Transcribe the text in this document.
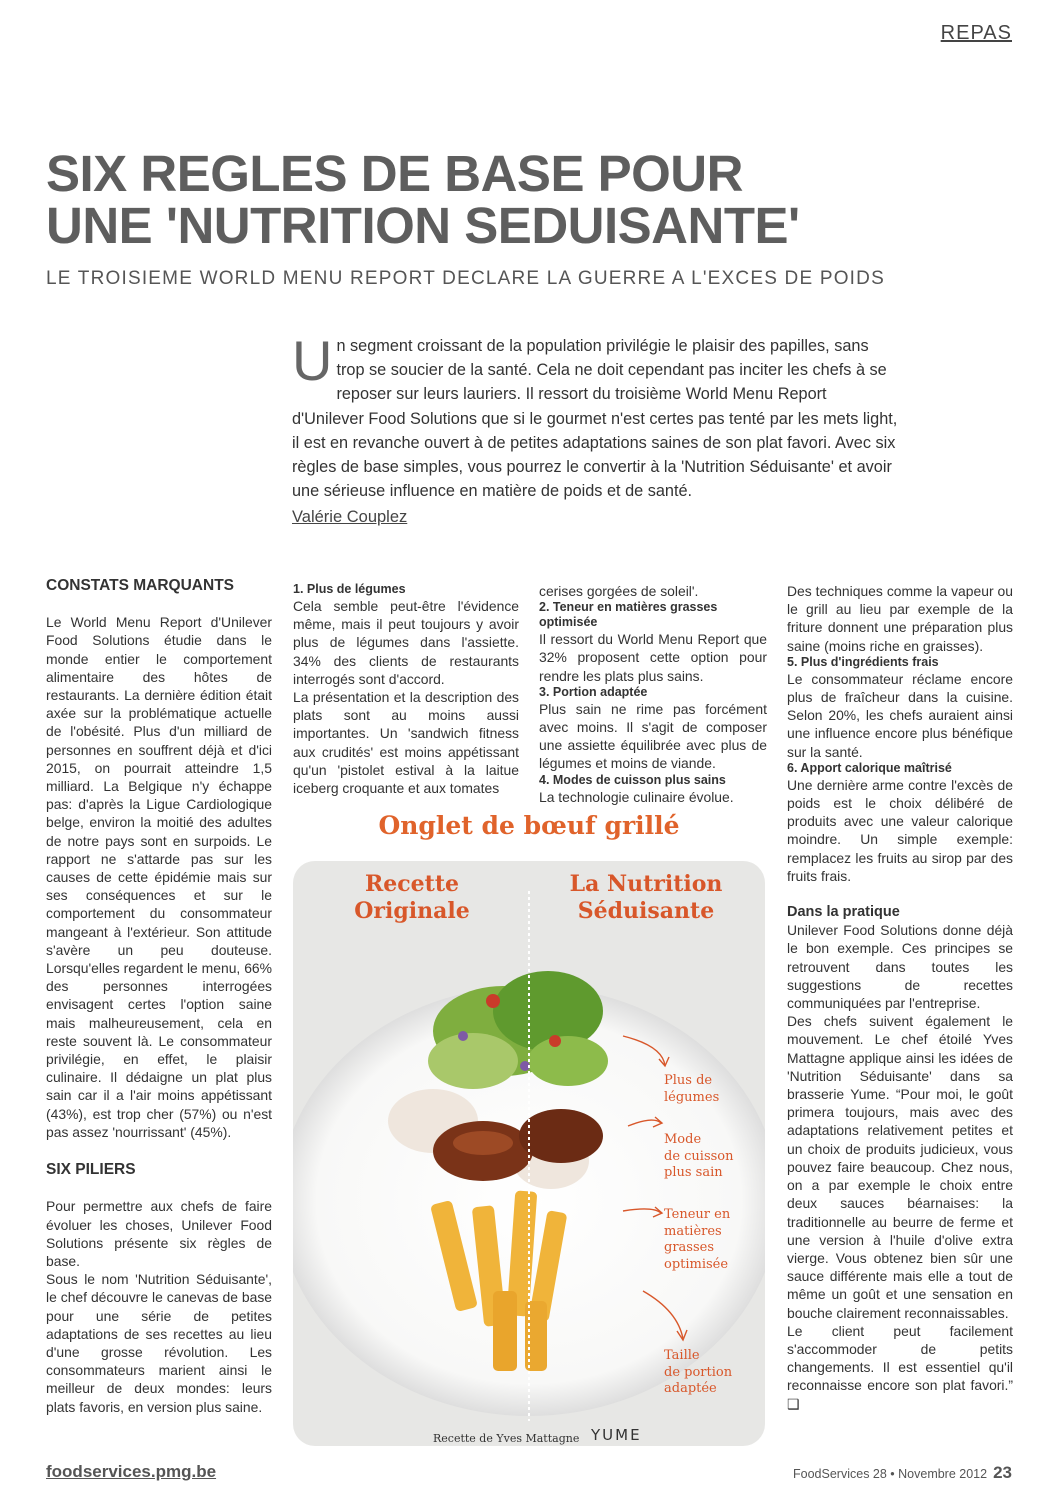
REPAS
SIX REGLES DE BASE POUR
UNE 'NUTRITION SEDUISANTE'
LE TROISIEME WORLD MENU REPORT DECLARE LA GUERRE A L'EXCES DE POIDS

Un segment croissant de la population privilégie le plaisir des papilles, sans trop se soucier de la santé. Cela ne doit cependant pas inciter les chefs à se reposer sur leurs lauriers. Il ressort du troisième World Menu Report d'Unilever Food Solutions que si le gourmet n'est certes pas tenté par les mets light, il est en revanche ouvert à de petites adaptations saines de son plat favori. Avec six règles de base simples, vous pourrez le convertir à la 'Nutrition Séduisante' et avoir une sérieuse influence en matière de poids et de santé.

Valérie Couplez

CONSTATS MARQUANTS

Le World Menu Report d'Unilever Food Solutions étudie dans le monde entier le comportement alimentaire des hôtes de restaurants. La dernière édition était axée sur la problématique actuelle de l'obésité. Plus d'un milliard de personnes en souffrent déjà et d'ici 2015, on pourrait atteindre 1,5 milliard. La Belgique n'y échappe pas: d'après la Ligue Cardiologique belge, environ la moitié des adultes de notre pays sont en surpoids. Le rapport ne s'attarde pas sur les causes de cette épidémie mais sur ses conséquences et sur le comportement du consommateur mangeant à l'extérieur. Son attitude s'avère un peu douteuse. Lorsqu'elles regardent le menu, 66% des personnes interrogées envisagent certes l'option saine mais malheureusement, cela en reste souvent là. Le consommateur privilégie, en effet, le plaisir culinaire. Il dédaigne un plat plus sain car il a l'air moins appétissant (43%), est trop cher (57%) ou n'est pas assez 'nourrissant' (45%).

SIX PILIERS

Pour permettre aux chefs de faire évoluer les choses, Unilever Food Solutions présente six règles de base.

Sous le nom 'Nutrition Séduisante', le chef découvre le canevas de base pour une série de petites adaptations de ses recettes au lieu d'une grosse révolution. Les consommateurs marient ainsi le meilleur de deux mondes: leurs plats favoris, en version plus saine.

1. Plus de légumes

Cela semble peut-être l'évidence même, mais il peut toujours y avoir plus de légumes dans l'assiette. 34% des clients de restaurants interrogés sont d'accord.

La présentation et la description des plats sont au moins aussi importantes. Un 'sandwich fitness aux crudités' est moins appétissant qu'un 'pistolet estival à la laitue iceberg croquante et aux tomates

cerises gorgées de soleil'.

2. Teneur en matières grasses optimisée

Il ressort du World Menu Report que 32% proposent cette option pour rendre les plats plus sains.

3. Portion adaptée

Plus sain ne rime pas forcément avec moins. Il s'agit de composer une assiette équilibrée avec plus de légumes et moins de viande.

4. Modes de cuisson plus sains

La technologie culinaire évolue.

Des techniques comme la vapeur ou le grill au lieu par exemple de la friture donnent une préparation plus saine (moins riche en graisses).

5. Plus d'ingrédients frais

Le consommateur réclame encore plus de fraîcheur dans la cuisine. Selon 20%, les chefs auraient ainsi une influence encore plus bénéfique sur la santé.

6. Apport calorique maîtrisé

Une dernière arme contre l'excès de poids est le choix délibéré de produits avec une valeur calorique moindre. Un simple exemple: remplacez les fruits au sirop par des fruits frais.

Dans la pratique

Unilever Food Solutions donne déjà le bon exemple. Ces principes se retrouvent dans toutes les suggestions de recettes communiquées par l'entreprise.

Des chefs suivent également le mouvement. Le chef étoilé Yves Mattagne applique ainsi les idées de 'Nutrition Séduisante' dans sa brasserie Yume. “Pour moi, le goût primera toujours, mais avec des adaptations relativement petites et un choix de produits judicieux, vous pouvez faire beaucoup. Chez nous, on a par exemple le choix entre deux sauces béarnaises: la traditionnelle au beurre de ferme et une version à l'huile d'olive extra vierge. Vous obtenez bien sûr une sauce différente mais elle a tout de même un goût et une sensation en bouche clairement reconnaissables.

Le client peut facilement s'accommoder de petits changements. Il est essentiel qu'il reconnaisse encore son plat favori.” ❑

Onglet de bœuf grillé
Recette
Originale
La Nutrition
Séduisante
Plus de
légumes
Mode
de cuisson
plus sain
Teneur en
matières
grasses
optimisée
Taille
de portion
adaptée
Recette de Yves Mattagne YUME
foodservices.pmg.be	FoodServices 28 • Novembre 2012 23
